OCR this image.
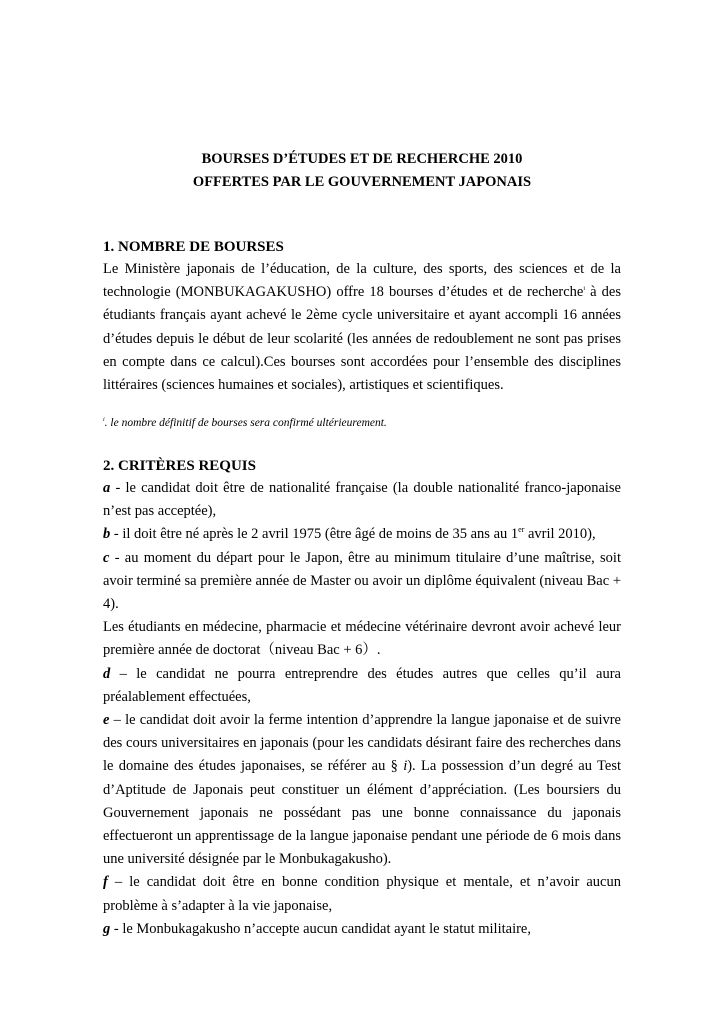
BOURSES D’ÉTUDES ET DE RECHERCHE 2010
OFFERTES PAR LE GOUVERNEMENT JAPONAIS

1. NOMBRE DE BOURSES

Le Ministère japonais de l’éducation, de la culture, des sports, des sciences et de la technologie (MONBUKAGAKUSHO) offre 18 bourses d’études et de recherche$^i$ à des étudiants français ayant achevé le 2ème cycle universitaire et ayant accompli 16 années d’études depuis le début de leur scolarité (les années de redoublement ne sont pas prises en compte dans ce calcul).Ces bourses sont accordées pour l’ensemble des disciplines littéraires (sciences humaines et sociales), artistiques et scientifiques.

$^i$. le nombre définitif de bourses sera confirmé ultérieurement.

2. CRITÈRES REQUIS

a - le candidat doit être de nationalité française (la double nationalité franco-japonaise n’est pas acceptée),

b - il doit être né après le 2 avril 1975 (être âgé de moins de 35 ans au 1er avril 2010),

c - au moment du départ pour le Japon, être au minimum titulaire d’une maîtrise, soit avoir terminé sa première année de Master ou avoir un diplôme équivalent (niveau Bac + 4).

Les étudiants en médecine, pharmacie et médecine vétérinaire devront avoir achevé leur première année de doctorat（niveau Bac + 6）.

d – le candidat ne pourra entreprendre des études autres que celles qu’il aura préalablement effectuées,

e – le candidat doit avoir la ferme intention d’apprendre la langue japonaise et de suivre des cours universitaires en japonais (pour les candidats désirant faire des recherches dans le domaine des études japonaises, se référer au § i). La possession d’un degré au Test d’Aptitude de Japonais peut constituer un élément d’appréciation. (Les boursiers du Gouvernement japonais ne possédant pas une bonne connaissance du japonais effectueront un apprentissage de la langue japonaise pendant une période de 6 mois dans une université désignée par le Monbukagakusho).

f – le candidat doit être en bonne condition physique et mentale, et n’avoir aucun problème à s’adapter à la vie japonaise,

g - le Monbukagakusho n’accepte aucun candidat ayant le statut militaire,
